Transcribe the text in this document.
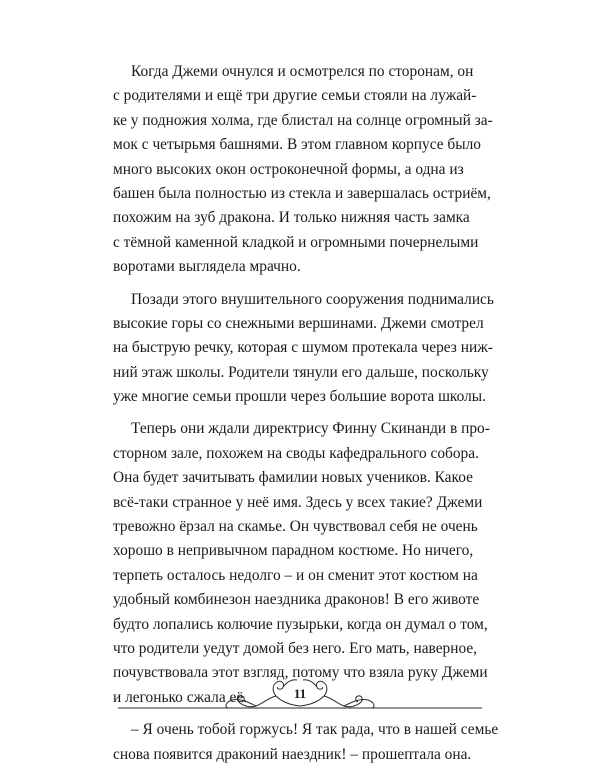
Когда Джеми очнулся и осмотрелся по сторонам, он
с родителями и ещё три другие семьи стояли на лужай-
ке у подножия холма, где блистал на солнце огромный за-
мок с четырьмя башнями. В этом главном корпусе было
много высоких окон остроконечной формы, а одна из
башен была полностью из стекла и завершалась остриём,
похожим на зуб дракона. И только нижняя часть замка
с тёмной каменной кладкой и огромными почернелыми
воротами выглядела мрачно.

Позади этого внушительного сооружения поднимались
высокие горы со снежными вершинами. Джеми смотрел
на быструю речку, которая с шумом протекала через ниж-
ний этаж школы. Родители тянули его дальше, поскольку
уже многие семьи прошли через большие ворота школы.

Теперь они ждали директрису Финну Скинанди в про-
сторном зале, похожем на своды кафедрального собора.
Она будет зачитывать фамилии новых учеников. Какое
всё-таки странное у неё имя. Здесь у всех такие? Джеми
тревожно ёрзал на скамье. Он чувствовал себя не очень
хорошо в непривычном парадном костюме. Но ничего,
терпеть осталось недолго – и он сменит этот костюм на
удобный комбинезон наездника драконов! В его животе
будто лопались колючие пузырьки, когда он думал о том,
что родители уедут домой без него. Его мать, наверное,
почувствовала этот взгляд, потому что взяла руку Джеми
и легонько сжала её.

– Я очень тобой горжусь! Я так рада, что в нашей семье
снова появится драконий наездник! – прошептала она.

11
